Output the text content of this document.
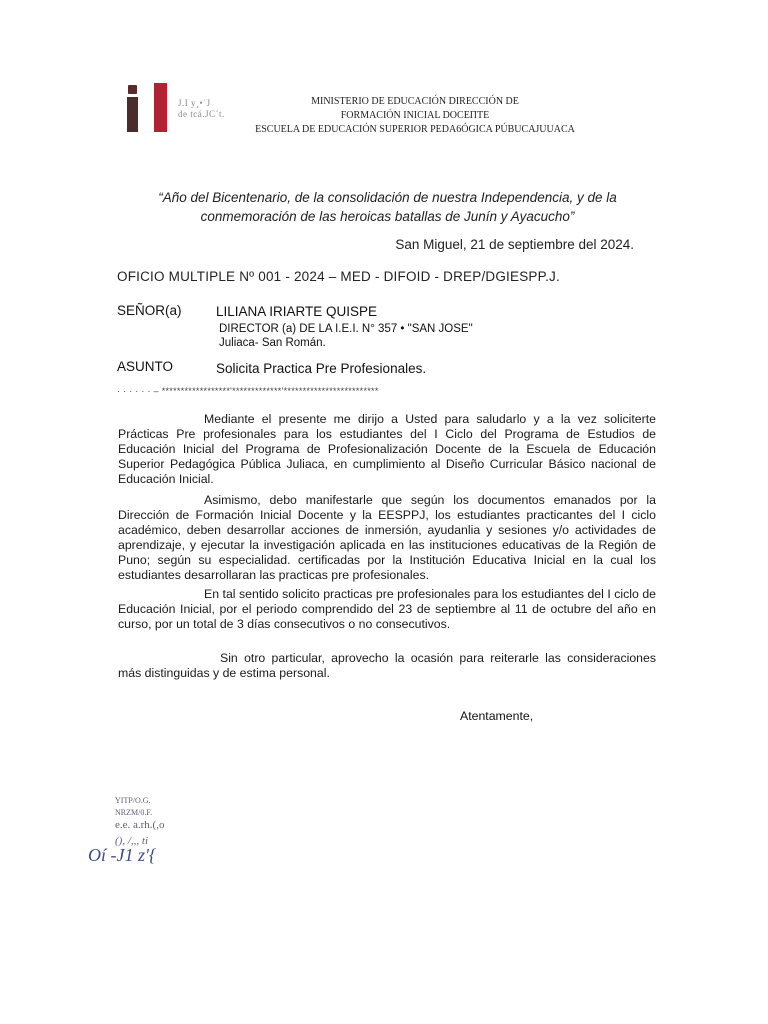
J.I y¸•´J
de tcá.JC´t.
MINISTERIO DE EDUCACIÓN DIRECCIÓN DE
FORMACIÓN INICIAL DOCEПTE
ESCUELA DE EDUCACIÓN SUPERIOR PEDA6ÓGICA PÚBUCAJUUACA
“Año del Bicentenario, de la consolidación de nuestra Independencia, y de la conmemoración de las heroicas batallas de Junín y Ayacucho”
San Miguel, 21 de septiembre del 2024.
OFICIO MULTIPLE Nº 001 - 2024 – MED - DIFOID - DREP/DGIESPP.J.
SEÑOR(a)	LILIANA IRIARTE QUISPE
DIRECTOR (a) DE LA I.E.I. N° 357 • "SAN JOSE"
Juliaca- San Román.
ASUNTO	Solicita Practica Pre Profesionales.
· · · · · · – ******************'*************'*************************
Mediante el presente me dirijo a Usted para saludarlo y a la vez soliciterte Prácticas Pre profesionales para los estudiantes del I Ciclo del Programa de Estudios de Educación Inicial del Programa de Profesionalización Docente de la Escuela de Educación Superior Pedagógica Pública Juliaca, en cumplimiento al Diseño Curricular Básico nacional de Educación Inicial.
Asimismo, debo manifestarle que según los documentos emanados por la Dirección de Formación Inicial Docente y la EESPPJ, los estudiantes practicantes del I ciclo académico, deben desarrollar acciones de inmersión, ayudanlia y sesiones y/o actividades de aprendizaje, y ejecutar la investigación aplicada en las instituciones educativas de la Región de Puno; según su especialidad. certificadas por la Institución Educativa Inicial en la cual los estudiantes desarrollaran las practicas pre profesionales.
En tal sentido solicito practicas pre profesionales para los estudiantes del I ciclo de Educación Inicial, por el periodo comprendido del 23 de septiembre al 11 de octubre del año en curso, por un total de 3 días consecutivos o no consecutivos.
Sin otro particular, aprovecho la ocasión para reiterarle las consideraciones más distinguidas y de estima personal.
Atentamente,
YITP/O.G.
NRZM/0.F.
e.e. a.rh.(,o
(), /,,, ti
Oí -J1 z'{
